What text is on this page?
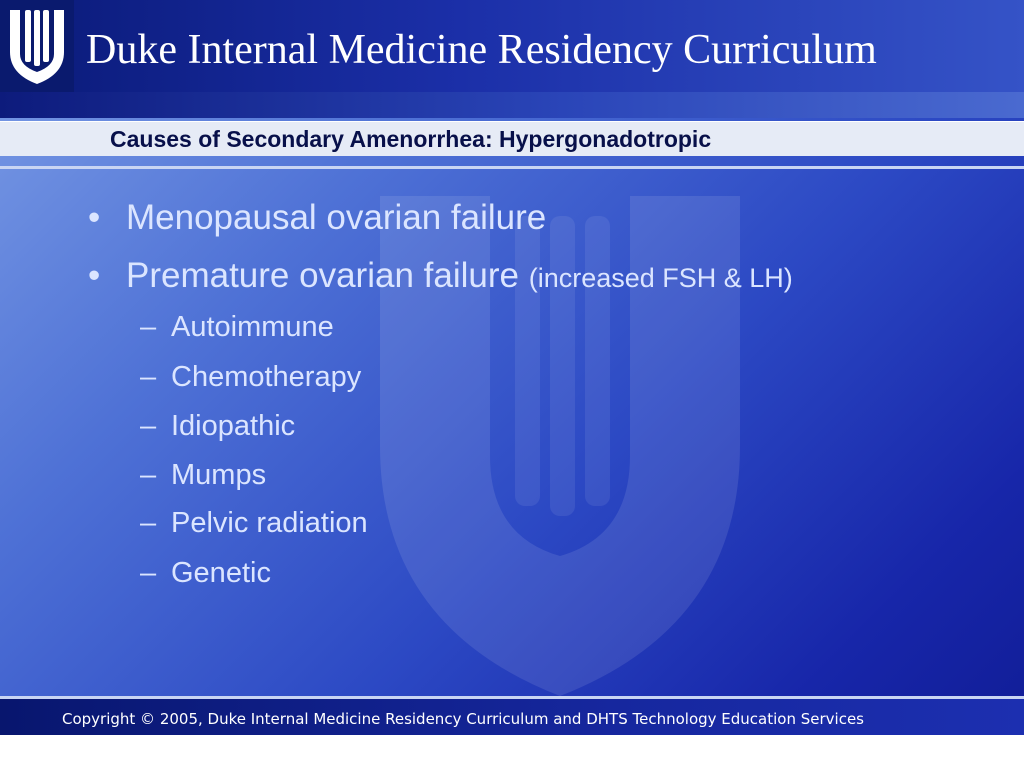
Duke Internal Medicine Residency Curriculum
Causes of Secondary Amenorrhea: Hypergonadotropic
• Menopausal ovarian failure
• Premature ovarian failure (increased FSH & LH)
– Autoimmune
– Chemotherapy
– Idiopathic
– Mumps
– Pelvic radiation
– Genetic
Copyright © 2005, Duke Internal Medicine Residency Curriculum and DHTS Technology Education Services
